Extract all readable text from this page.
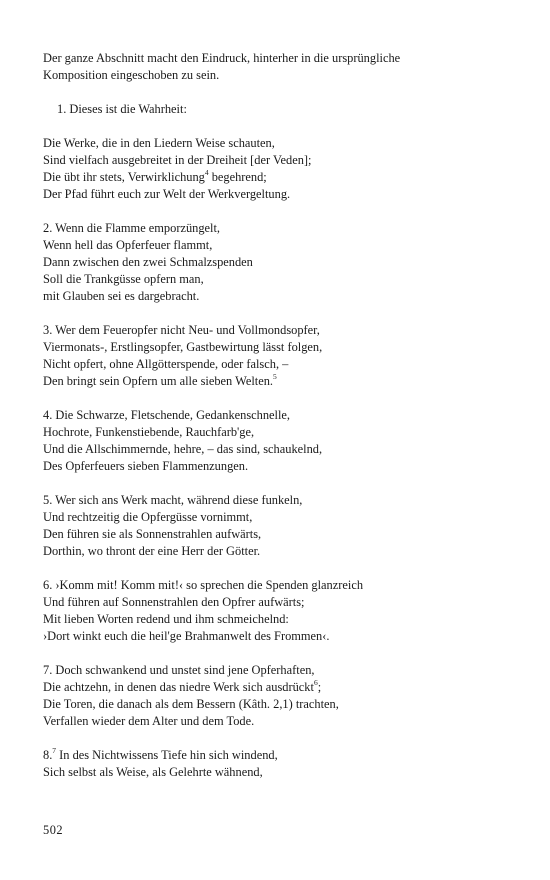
Der ganze Abschnitt macht den Eindruck, hinterher in die ursprüngliche

Komposition eingeschoben zu sein.

1. Dieses ist die Wahrheit:

Die Werke, die in den Liedern Weise schauten,

Sind vielfach ausgebreitet in der Dreiheit [der Veden];

Die übt ihr stets, Verwirklichung$^4$ begehrend;

Der Pfad führt euch zur Welt der Werkvergeltung.

2. Wenn die Flamme emporzüngelt,

Wenn hell das Opferfeuer flammt,

Dann zwischen den zwei Schmalzspenden

Soll die Trankgüsse opfern man,

mit Glauben sei es dargebracht.

3. Wer dem Feueropfer nicht Neu- und Vollmondsopfer,

Viermonats-, Erstlingsopfer, Gastbewirtung lässt folgen,

Nicht opfert, ohne Allgötterspende, oder falsch, –

Den bringt sein Opfern um alle sieben Welten.$^5$

4. Die Schwarze, Fletschende, Gedankenschnelle,

Hochrote, Funkenstiebende, Rauchfarb'ge,

Und die Allschimmernde, hehre, – das sind, schaukelnd,

Des Opferfeuers sieben Flammenzungen.

5. Wer sich ans Werk macht, während diese funkeln,

Und rechtzeitig die Opfergüsse vornimmt,

Den führen sie als Sonnenstrahlen aufwärts,

Dorthin, wo thront der eine Herr der Götter.

6. ›Komm mit! Komm mit!‹ so sprechen die Spenden glanzreich

Und führen auf Sonnenstrahlen den Opfrer aufwärts;

Mit lieben Worten redend und ihm schmeichelnd:

›Dort winkt euch die heil'ge Brahmanwelt des Frommen‹.

7. Doch schwankend und unstet sind jene Opferhaften,

Die achtzehn, in denen das niedre Werk sich ausdrückt$^6$;

Die Toren, die danach als dem Bessern (Kâth. 2,1) trachten,

Verfallen wieder dem Alter und dem Tode.

8.$^7$ In des Nichtwissens Tiefe hin sich windend,

Sich selbst als Weise, als Gelehrte wähnend,

502
